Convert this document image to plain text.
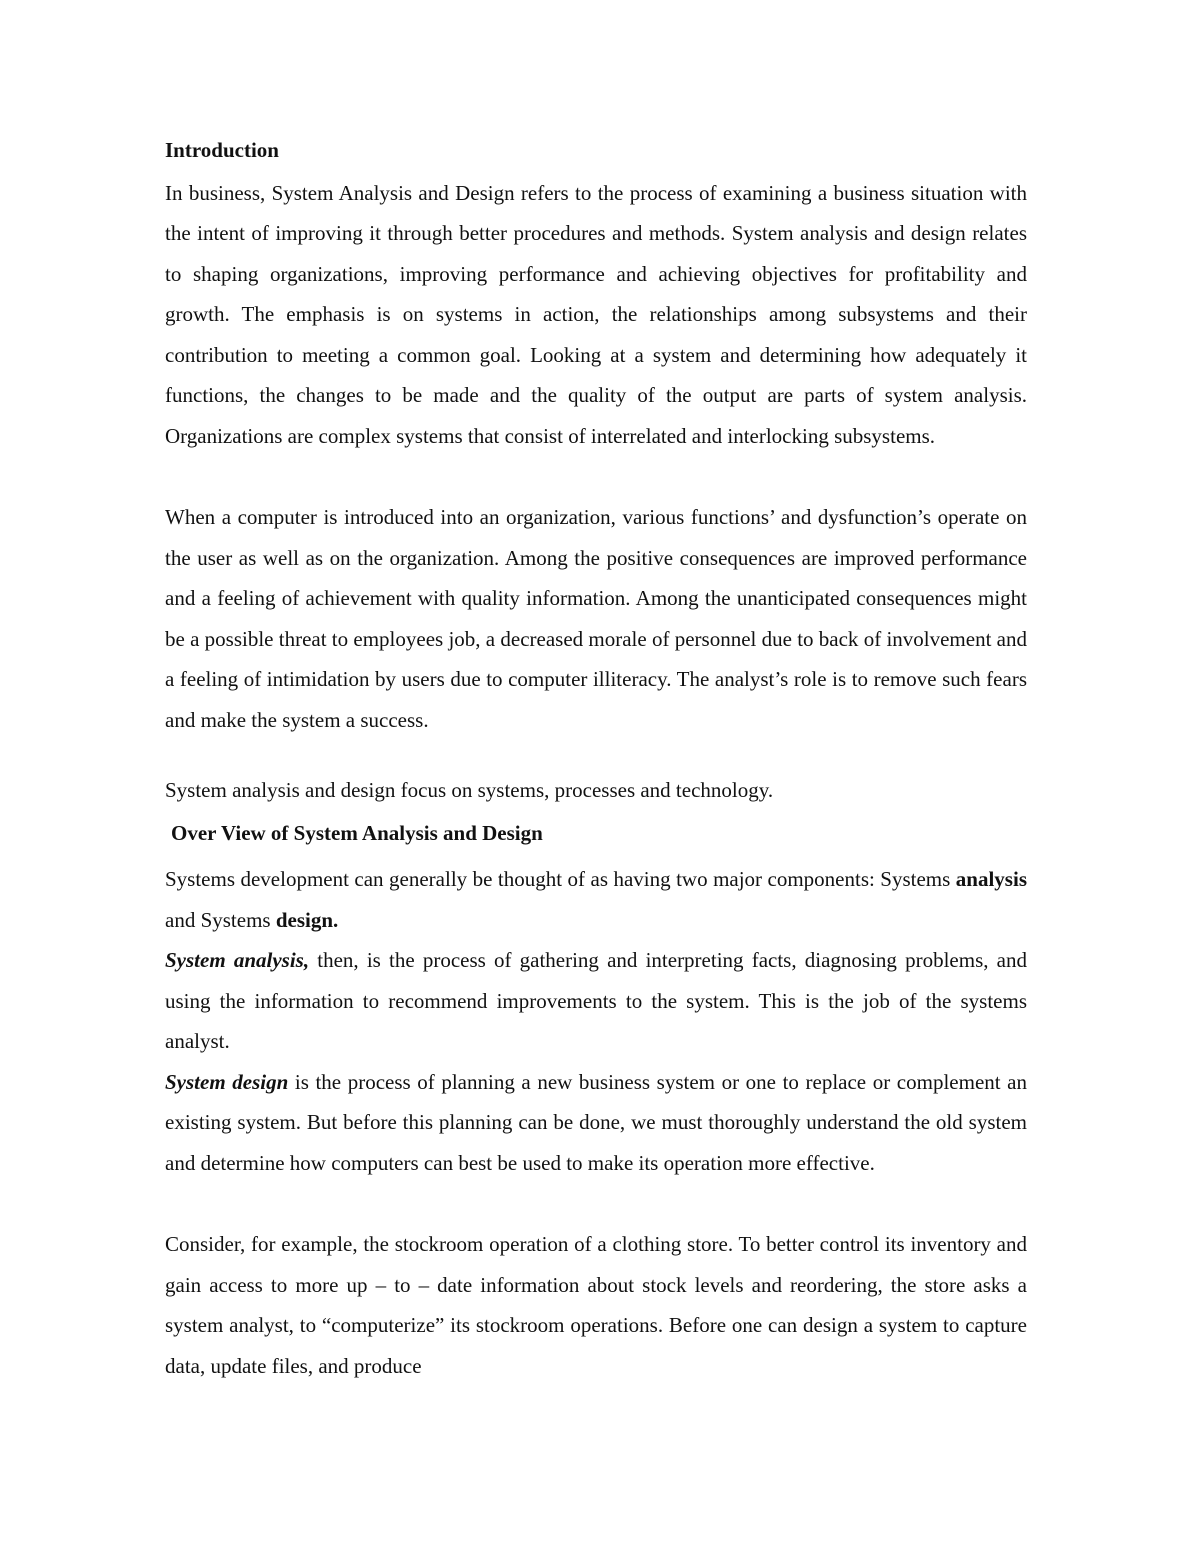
Introduction

In business, System Analysis and Design refers to the process of examining a business situation with the intent of improving it through better procedures and methods. System analysis and design relates to shaping organizations, improving performance and achieving objectives for profitability and growth. The emphasis is on systems in action, the relationships among subsystems and their contribution to meeting a common goal. Looking at a system and determining how adequately it functions, the changes to be made and the quality of the output are parts of system analysis. Organizations are complex systems that consist of interrelated and interlocking subsystems.

When a computer is introduced into an organization, various functions’ and dysfunction’s operate on the user as well as on the organization. Among the positive consequences are improved performance and a feeling of achievement with quality information. Among the unanticipated consequences might be a possible threat to employees job, a decreased morale of personnel due to back of involvement and a feeling of intimidation by users due to computer illiteracy. The analyst’s role is to remove such fears and make the system a success.

System analysis and design focus on systems, processes and technology.

Over View of System Analysis and Design

Systems development can generally be thought of as having two major components: Systems analysis and Systems design.

System analysis, then, is the process of gathering and interpreting facts, diagnosing problems, and using the information to recommend improvements to the system. This is the job of the systems analyst.

System design is the process of planning a new business system or one to replace or complement an existing system. But before this planning can be done, we must thoroughly understand the old system and determine how computers can best be used to make its operation more effective.

Consider, for example, the stockroom operation of a clothing store. To better control its inventory and gain access to more up – to – date information about stock levels and reordering, the store asks a system analyst, to “computerize” its stockroom operations. Before one can design a system to capture data, update files, and produce
